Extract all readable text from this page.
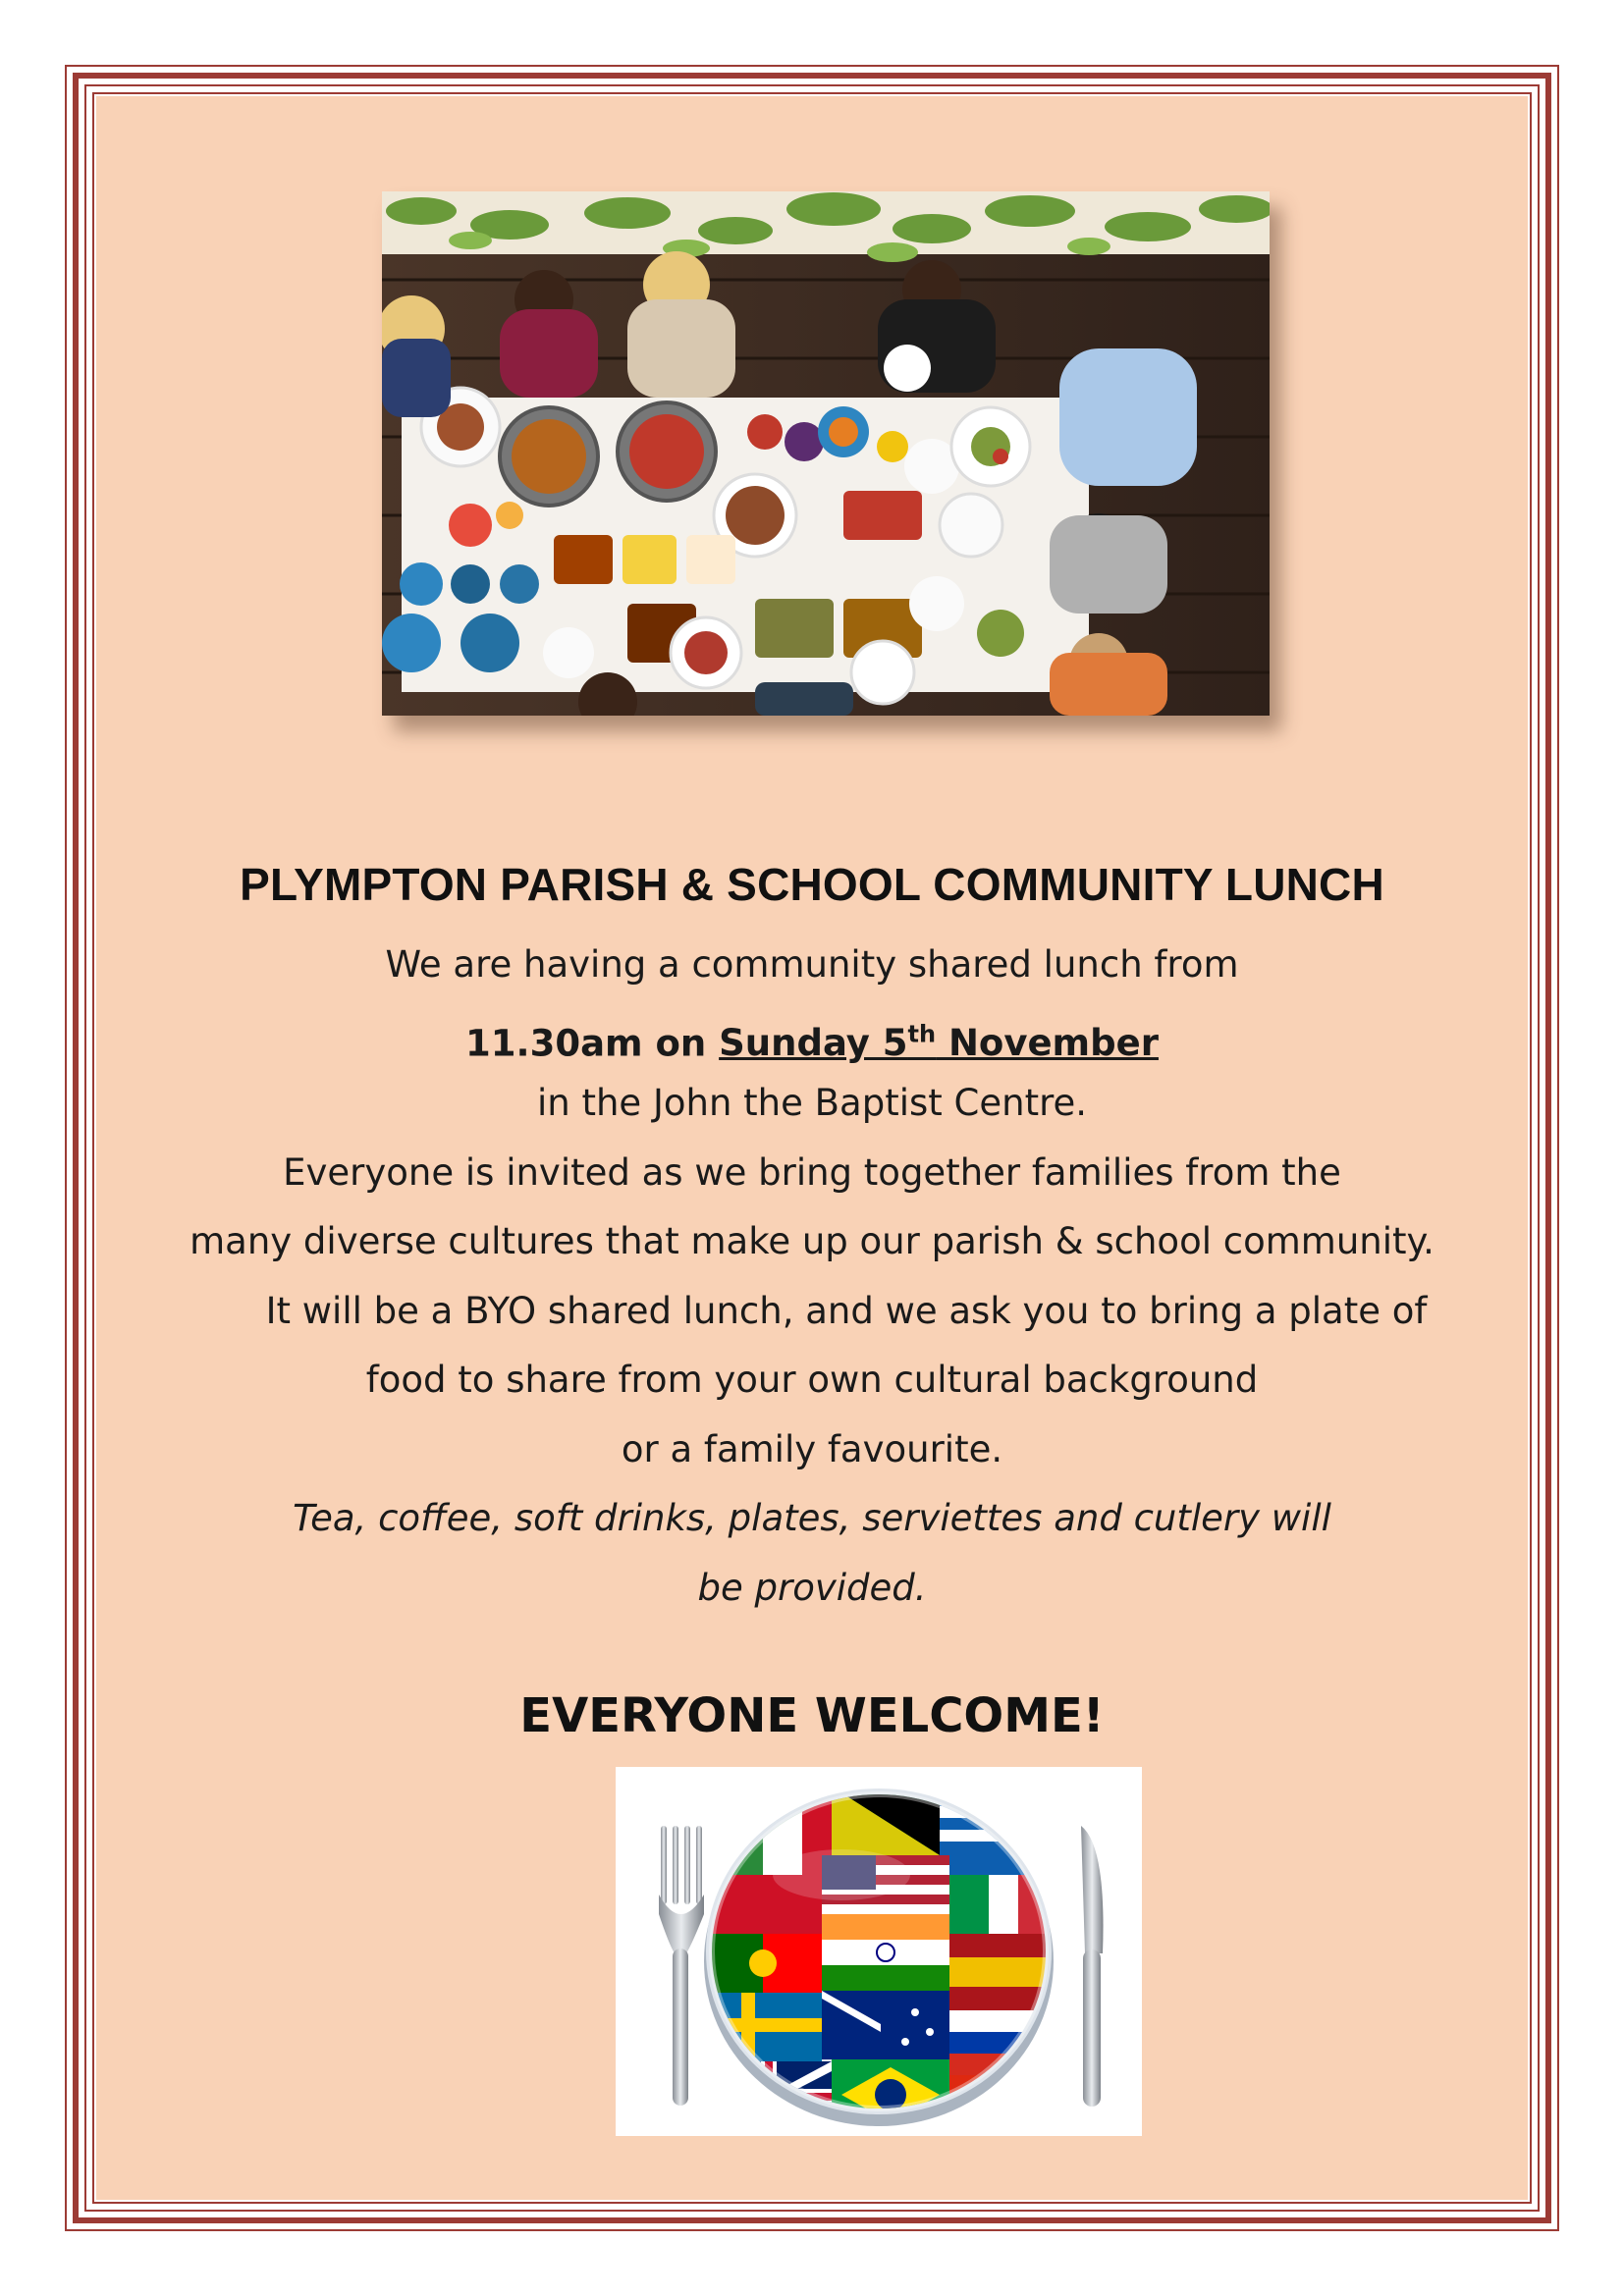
PLYMPTON PARISH & SCHOOL COMMUNITY LUNCH
We are having a community shared lunch from
11.30am on Sunday 5th November
in the John the Baptist Centre.
Everyone is invited as we bring together families from the
many diverse cultures that make up our parish & school community.
It will be a BYO shared lunch, and we ask you to bring a plate of
food to share from your own cultural background
or a family favourite.
Tea, coffee, soft drinks, plates, serviettes and cutlery will
be provided.
EVERYONE WELCOME!
